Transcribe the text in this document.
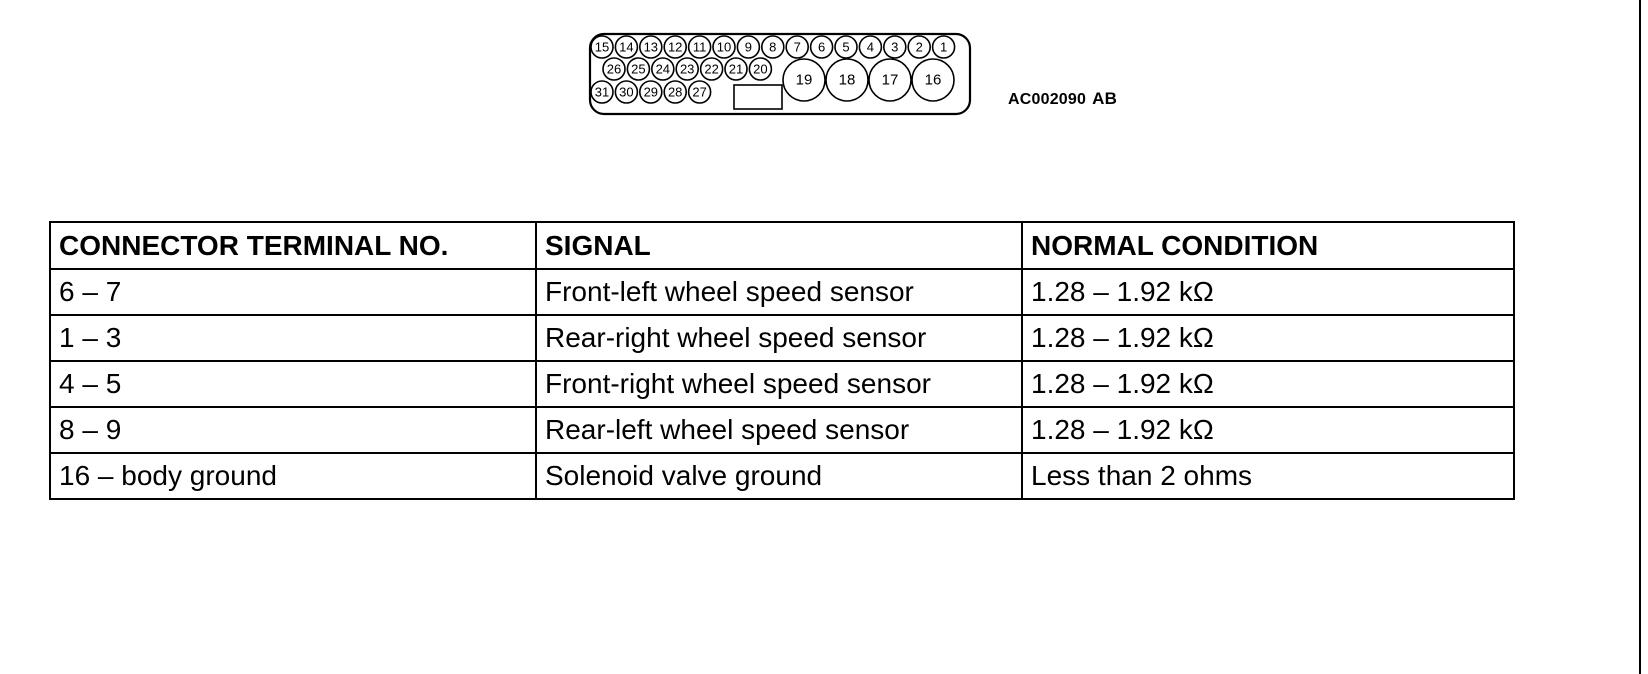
15 14 13 12 11 10 9 8 7 6 5 4 3 2 1
26 25 24 23 22 21 20
31 30 29 28 27
19 18 17 16
AC002090 AB
CONNECTOR TERMINAL NO.	SIGNAL	NORMAL CONDITION
6 – 7	Front-left wheel speed sensor	1.28 – 1.92 kΩ
1 – 3	Rear-right wheel speed sensor	1.28 – 1.92 kΩ
4 – 5	Front-right wheel speed sensor	1.28 – 1.92 kΩ
8 – 9	Rear-left wheel speed sensor	1.28 – 1.92 kΩ
16 – body ground	Solenoid valve ground	Less than 2 ohms
